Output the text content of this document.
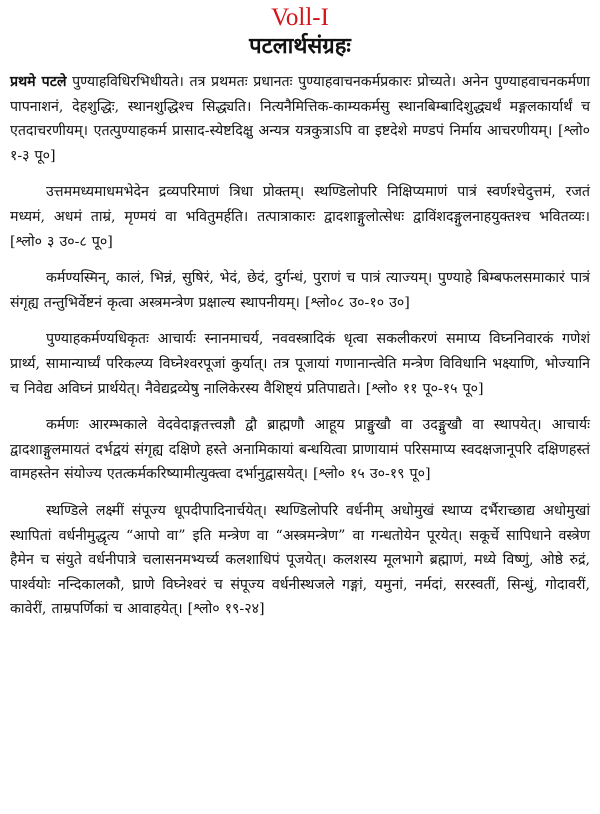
Voll-I
पटलार्थसंग्रहः

प्रथमे पटले पुण्याहविधिरभिधीयते। तत्र प्रथमतः प्रधानतः पुण्याहवाचनकर्मप्रकारः प्रोच्यते। अनेन पुण्याहवाचनकर्मणा पापनाशनं, देहशुद्धिः, स्थानशुद्धिश्च सिद्ध्यति। नित्यनैमित्तिक-काम्यकर्मसु स्थानबिम्बादिशुद्ध्यर्थं मङ्गलकार्यार्थं च एतदाचरणीयम्। एतत्पुण्याहकर्म प्रासाद-स्येष्टदिक्षु अन्यत्र यत्रकुत्राऽपि वा इष्टदेशे मण्डपं निर्माय आचरणीयम्। [श्लो० १-३ पू०]

उत्तममध्यमाधमभेदेन द्रव्यपरिमाणं त्रिधा प्रोक्तम्। स्थण्डिलोपरि निक्षिप्यमाणं पात्रं स्वर्णश्चेदुत्तमं, रजतं मध्यमं, अधमं ताम्रं, मृण्मयं वा भवितुमर्हति। तत्पात्राकारः द्वादशाङ्गुलोत्सेधः द्वाविंशदङ्गुलनाहयुक्तश्च भवितव्यः। [श्लो० ३ उ०-८ पू०]

कर्मण्यस्मिन्, कालं, भिन्नं, सुषिरं, भेदं, छेदं, दुर्गन्धं, पुराणं च पात्रं त्याज्यम्। पुण्याहे बिम्बफलसमाकारं पात्रं संगृह्य तन्तुभिर्वेष्टनं कृत्वा अस्त्रमन्त्रेण प्रक्षाल्य स्थापनीयम्। [श्लो०८ उ०-१० उ०]

पुण्याहकर्मण्यधिकृतः आचार्यः स्नानमाचर्य, नववस्त्रादिकं धृत्वा सकलीकरणं समाप्य विघ्ननिवारकं गणेशं प्रार्थ्य, सामान्यार्घ्यं परिकल्प्य विघ्नेश्वरपूजां कुर्यात्। तत्र पूजायां गणानान्त्वेति मन्त्रेण विविधानि भक्ष्याणि, भोज्यानि च निवेद्य अविघ्नं प्रार्थयेत्। नैवेद्यद्रव्येषु नालिकेरस्य वैशिष्ट्यं प्रतिपाद्यते। [श्लो० ११ पू०-१५ पू०]

कर्मणः आरम्भकाले वेदवेदाङ्गतत्त्वज्ञौ द्वौ ब्राह्मणौ आहूय प्राङ्मुखौ वा उदङ्मुखौ वा स्थापयेत्। आचार्यः द्वादशाङ्गुलमायतं दर्भद्वयं संगृह्य दक्षिणे हस्ते अनामिकायां बन्धयित्वा प्राणायामं परिसमाप्य स्वदक्षजानूपरि दक्षिणहस्तं वामहस्तेन संयोज्य एतत्कर्मकरिष्यामीत्युक्त्वा दर्भानुद्वासयेत्। [श्लो० १५ उ०-१९ पू०]

स्थण्डिले लक्ष्मीं संपूज्य धूपदीपादिनार्चयेत्। स्थण्डिलोपरि वर्धनीम् अधोमुखं स्थाप्य दर्भैराच्छाद्य अधोमुखां स्थापितां वर्धनीमुद्धृत्य “आपो वा” इति मन्त्रेण वा “अस्त्रमन्त्रेण” वा गन्धतोयेन पूरयेत्। सकूर्चे सापिधाने वस्त्रेण हैमेन च संयुते वर्धनीपात्रे चलासनमभ्यर्च्य कलशाधिपं पूजयेत्। कलशस्य मूलभागे ब्रह्माणं, मध्ये विष्णुं, ओष्ठे रुद्रं, पार्श्वयोः नन्दिकालकौ, घ्राणे विघ्नेश्वरं च संपूज्य वर्धनीस्थजले गङ्गां, यमुनां, नर्मदां, सरस्वतीं, सिन्धुं, गोदावरीं, कावेरीं, ताम्रपर्णिकां च आवाहयेत्। [श्लो० १९-२४]
